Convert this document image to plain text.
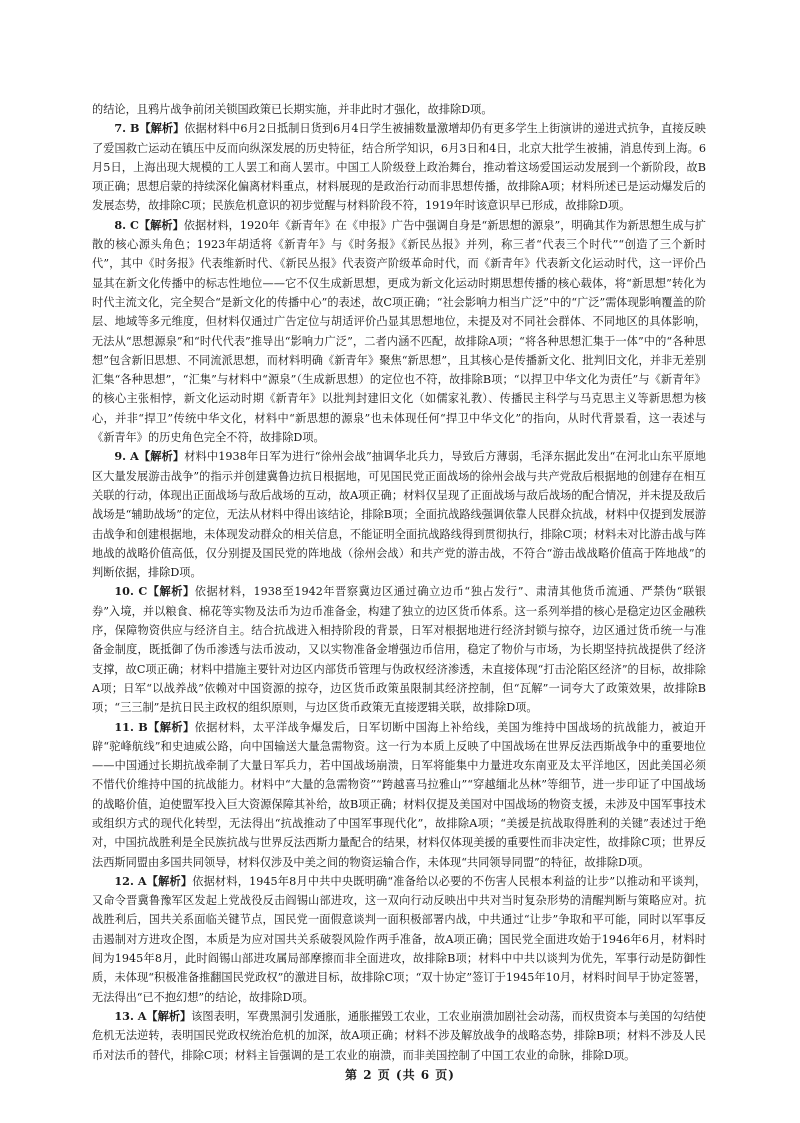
的结论，且鸦片战争前闭关锁国政策已长期实施，并非此时才强化，故排除D项。

7. B【解析】依据材料中6月2日抵制日货到6月4日学生被捕数量激增却仍有更多学生上街演讲的递进式抗争，直接反映了爱国救亡运动在镇压中反而向纵深发展的历史特征，结合所学知识，6月3日和4日，北京大批学生被捕，消息传到上海。6月5日，上海出现大规模的工人罢工和商人罢市。中国工人阶级登上政治舞台，推动着这场爱国运动发展到一个新阶段，故B项正确；思想启蒙的持续深化偏离材料重点，材料展现的是政治行动而非思想传播，故排除A项；材料所述已是运动爆发后的发展态势，故排除C项；民族危机意识的初步觉醒与材料阶段不符，1919年时该意识早已形成，故排除D项。

8. C【解析】依据材料，1920年《新青年》在《申报》广告中强调自身是“新思想的源泉”，明确其作为新思想生成与扩散的核心源头角色；1923年胡适将《新青年》与《时务报》《新民丛报》并列，称三者“代表三个时代”“创造了三个新时代”，其中《时务报》代表维新时代、《新民丛报》代表资产阶级革命时代，而《新青年》代表新文化运动时代，这一评价凸显其在新文化传播中的标志性地位——它不仅生成新思想，更成为新文化运动时期思想传播的核心载体，将“新思想”转化为时代主流文化，完全契合“是新文化的传播中心”的表述，故C项正确；“社会影响力相当广泛”中的“广泛”需体现影响覆盖的阶层、地域等多元维度，但材料仅通过广告定位与胡适评价凸显其思想地位，未提及对不同社会群体、不同地区的具体影响，无法从“思想源泉”和“时代代表”推导出“影响力广泛”，二者内涵不匹配，故排除A项；“将各种思想汇集于一体”中的“各种思想”包含新旧思想、不同流派思想，而材料明确《新青年》聚焦“新思想”，且其核心是传播新文化、批判旧文化，并非无差别汇集“各种思想”，“汇集”与材料中“源泉”（生成新思想）的定位也不符，故排除B项；“以捍卫中华文化为责任”与《新青年》的核心主张相悖，新文化运动时期《新青年》以批判封建旧文化（如儒家礼教）、传播民主科学与马克思主义等新思想为核心，并非“捍卫”传统中华文化，材料中“新思想的源泉”也未体现任何“捍卫中华文化”的指向，从时代背景看，这一表述与《新青年》的历史角色完全不符，故排除D项。

9. A【解析】材料中1938年日军为进行“徐州会战”抽调华北兵力，导致后方薄弱，毛泽东据此发出“在河北山东平原地区大量发展游击战争”的指示并创建冀鲁边抗日根据地，可见国民党正面战场的徐州会战与共产党敌后根据地的创建存在相互关联的行动，体现出正面战场与敌后战场的互动，故A项正确；材料仅呈现了正面战场与敌后战场的配合情况，并未提及敌后战场是“辅助战场”的定位，无法从材料中得出该结论，排除B项；全面抗战路线强调依靠人民群众抗战，材料中仅提到发展游击战争和创建根据地，未体现发动群众的相关信息，不能证明全面抗战路线得到贯彻执行，排除C项；材料未对比游击战与阵地战的战略价值高低，仅分别提及国民党的阵地战（徐州会战）和共产党的游击战，不符合“游击战战略价值高于阵地战”的判断依据，排除D项。

10. C【解析】依据材料，1938至1942年晋察冀边区通过确立边币“独占发行”、肃清其他货币流通、严禁伪“联银券”入境，并以粮食、棉花等实物及法币为边币准备金，构建了独立的边区货币体系。这一系列举措的核心是稳定边区金融秩序，保障物资供应与经济自主。结合抗战进入相持阶段的背景，日军对根据地进行经济封锁与掠夺，边区通过货币统一与准备金制度，既抵御了伪币渗透与法币波动，又以实物准备金增强边币信用，稳定了物价与市场，为长期坚持抗战提供了经济支撑，故C项正确；材料中措施主要针对边区内部货币管理与伪政权经济渗透，未直接体现“打击沦陷区经济”的目标，故排除A项；日军“以战养战”依赖对中国资源的掠夺，边区货币政策虽限制其经济控制，但“瓦解”一词夸大了政策效果，故排除B项；“三三制”是抗日民主政权的组织原则，与边区货币政策无直接逻辑关联，故排除D项。

11. B【解析】依据材料，太平洋战争爆发后，日军切断中国海上补给线，美国为维持中国战场的抗战能力，被迫开辟“驼峰航线”和史迪威公路，向中国输送大量急需物资。这一行为本质上反映了中国战场在世界反法西斯战争中的重要地位——中国通过长期抗战牵制了大量日军兵力，若中国战场崩溃，日军将能集中力量进攻东南亚及太平洋地区，因此美国必须不惜代价维持中国的抗战能力。材料中“大量的急需物资”“跨越喜马拉雅山”“穿越缅北丛林”等细节，进一步印证了中国战场的战略价值，迫使盟军投入巨大资源保障其补给，故B项正确；材料仅提及美国对中国战场的物资支援，未涉及中国军事技术或组织方式的现代化转型，无法得出“抗战推动了中国军事现代化”，故排除A项；“美援是抗战取得胜利的关键”表述过于绝对，中国抗战胜利是全民族抗战与世界反法西斯力量配合的结果，材料仅体现美援的重要性而非决定性，故排除C项；世界反法西斯同盟由多国共同领导，材料仅涉及中美之间的物资运输合作，未体现“共同领导同盟”的特征，故排除D项。

12. A【解析】依据材料，1945年8月中共中央既明确“准备给以必要的不伤害人民根本利益的让步”以推动和平谈判，又命令晋冀鲁豫军区发起上党战役反击阎锡山部进攻，这一双向行动反映出中共对当时复杂形势的清醒判断与策略应对。抗战胜利后，国共关系面临关键节点，国民党一面假意谈判一面积极部署内战，中共通过“让步”争取和平可能，同时以军事反击遏制对方进攻企图，本质是为应对国共关系破裂风险作两手准备，故A项正确；国民党全面进攻始于1946年6月，材料时间为1945年8月，此时阎锡山部进攻属局部摩擦而非全面进攻，故排除B项；材料中中共以谈判为优先，军事行动是防御性质，未体现“积极准备推翻国民党政权”的激进目标，故排除C项；“双十协定”签订于1945年10月，材料时间早于协定签署，无法得出“已不抱幻想”的结论，故排除D项。

13. A【解析】该图表明，军费黑洞引发通胀，通胀摧毁工农业，工农业崩溃加剧社会动荡，而权贵资本与美国的勾结使危机无法逆转，表明国民党政权统治危机的加深，故A项正确；材料不涉及解放战争的战略态势，排除B项；材料不涉及人民币对法币的替代，排除C项；材料主旨强调的是工农业的崩溃，而非美国控制了中国工农业的命脉，排除D项。

第 2 页 (共 6 页)
